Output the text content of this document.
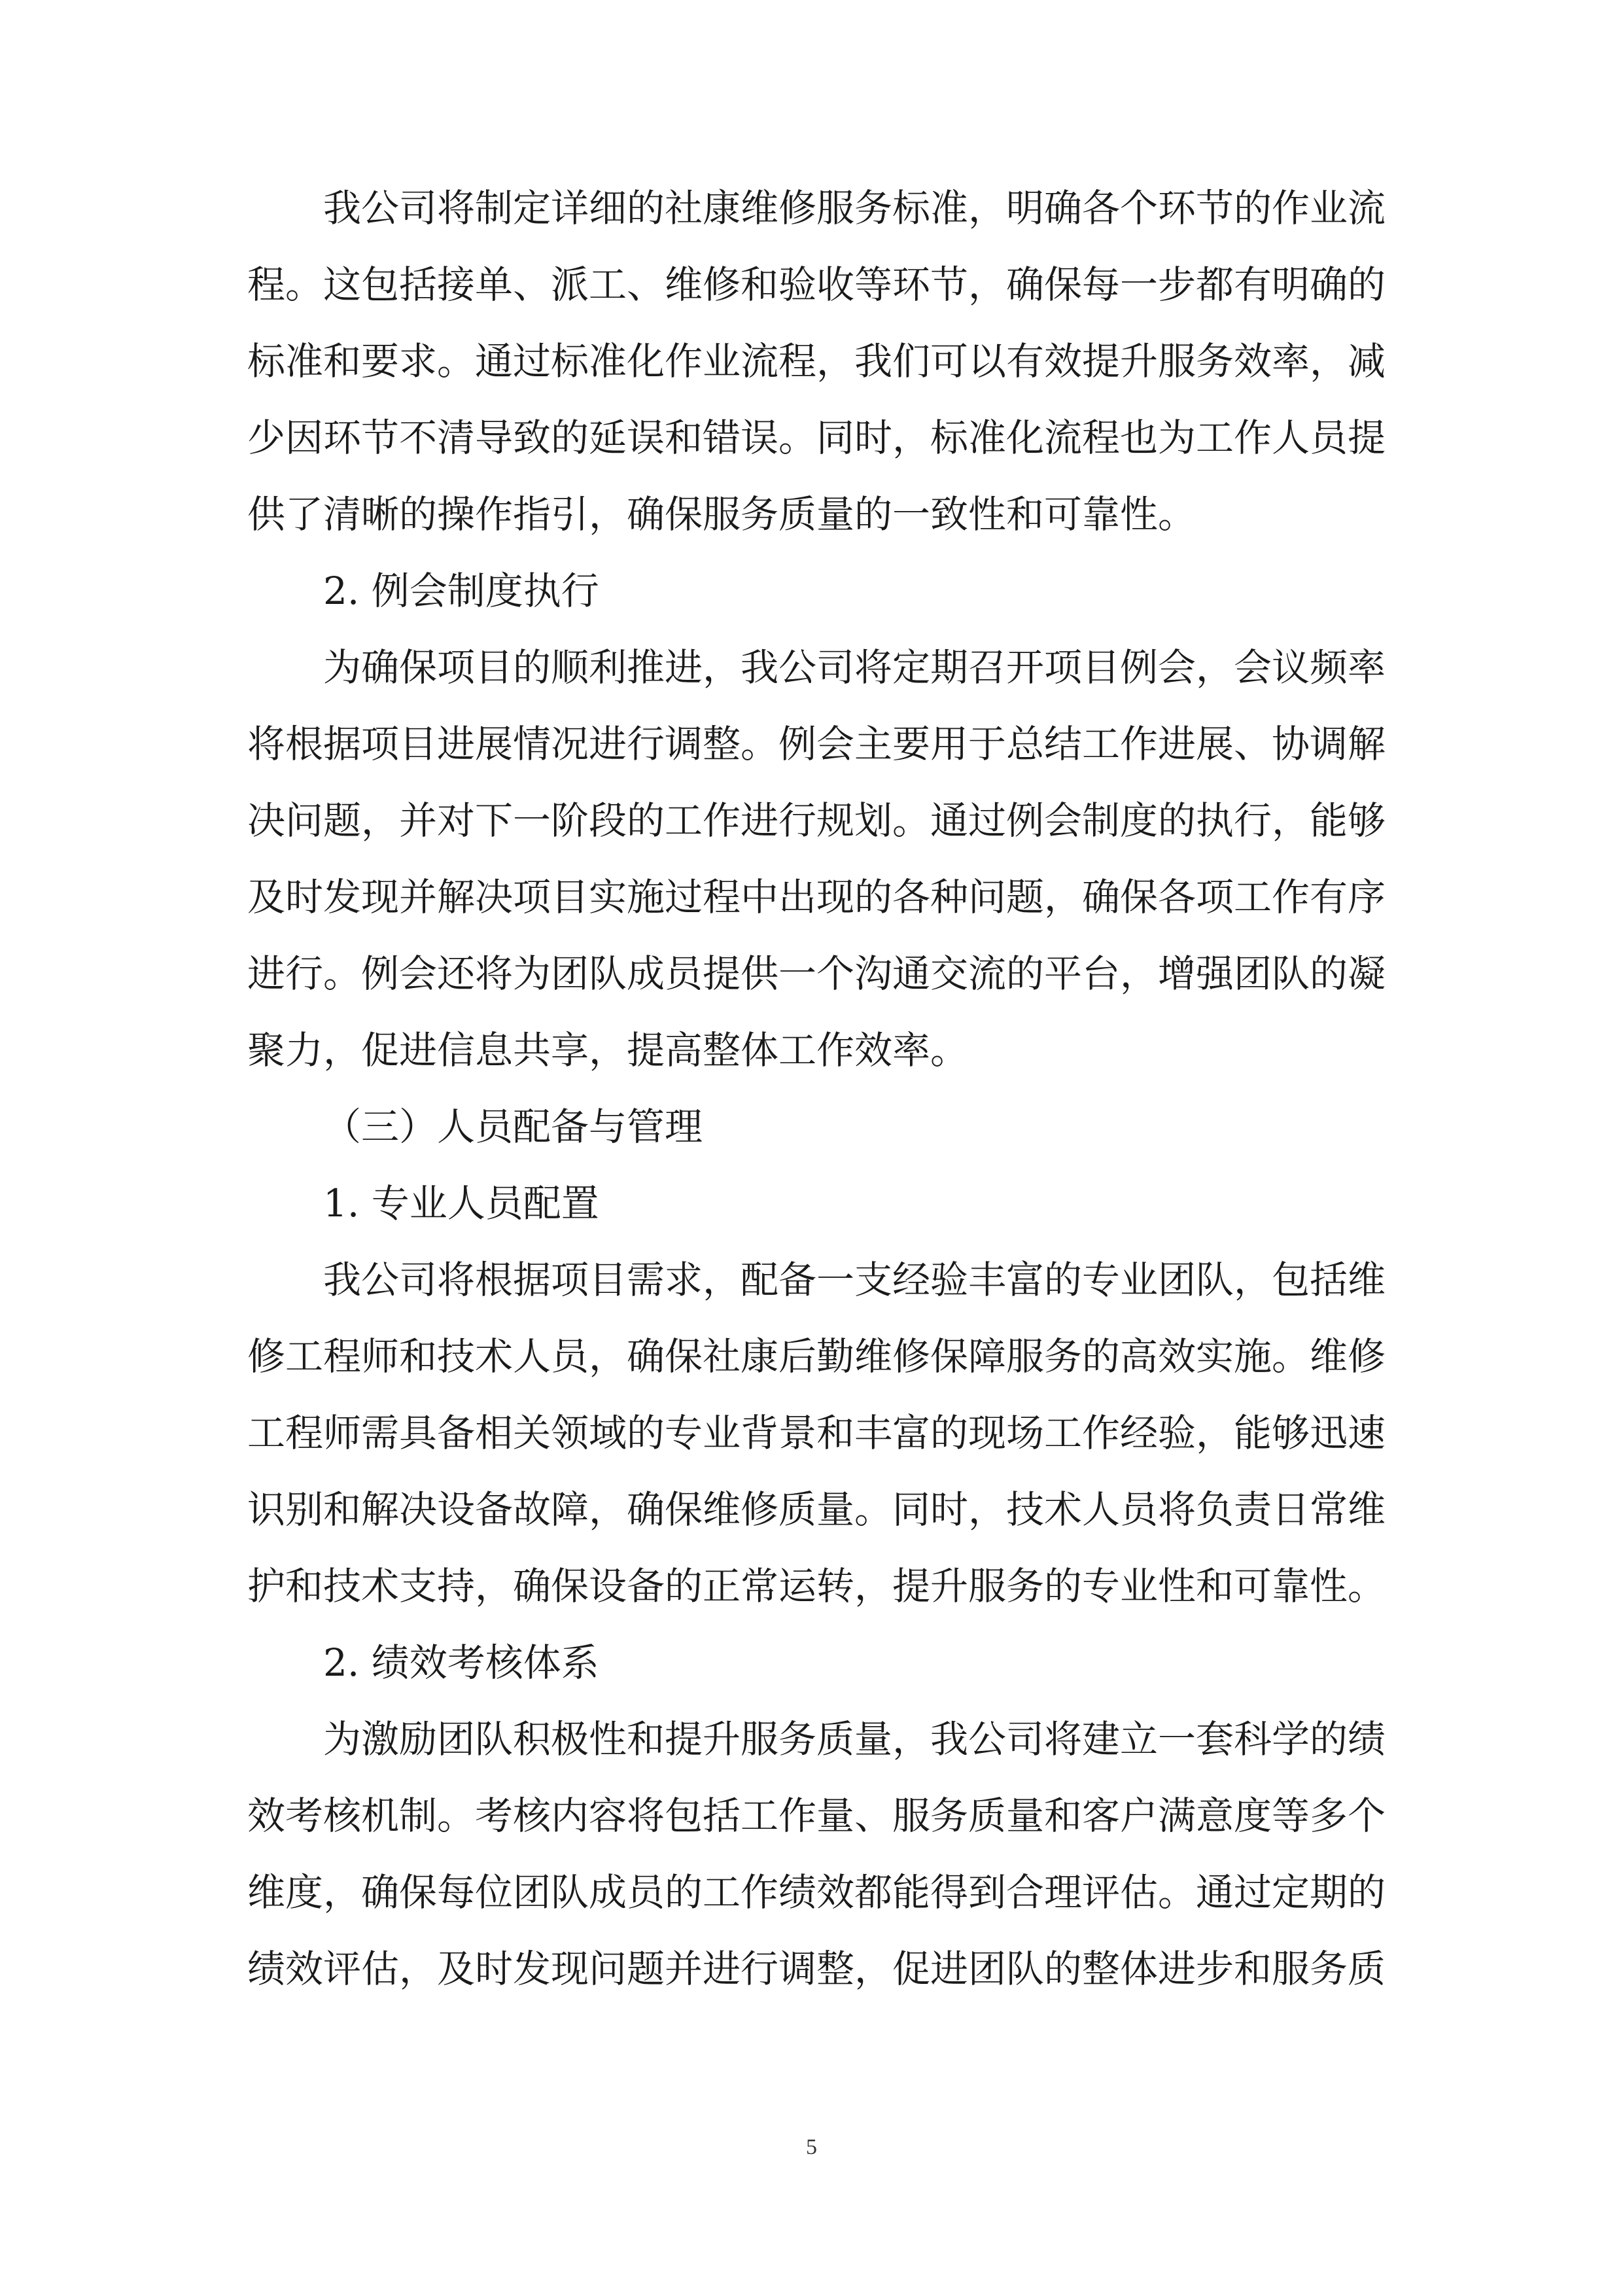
我公司将制定详细的社康维修服务标准，明确各个环节的作业流
程。这包括接单、派工、维修和验收等环节，确保每一步都有明确的
标准和要求。通过标准化作业流程，我们可以有效提升服务效率，减
少因环节不清导致的延误和错误。同时，标准化流程也为工作人员提
供了清晰的操作指引，确保服务质量的一致性和可靠性。
2. 例会制度执行
为确保项目的顺利推进，我公司将定期召开项目例会，会议频率
将根据项目进展情况进行调整。例会主要用于总结工作进展、协调解
决问题，并对下一阶段的工作进行规划。通过例会制度的执行，能够
及时发现并解决项目实施过程中出现的各种问题，确保各项工作有序
进行。例会还将为团队成员提供一个沟通交流的平台，增强团队的凝
聚力，促进信息共享，提高整体工作效率。
（三）人员配备与管理
1. 专业人员配置
我公司将根据项目需求，配备一支经验丰富的专业团队，包括维
修工程师和技术人员，确保社康后勤维修保障服务的高效实施。维修
工程师需具备相关领域的专业背景和丰富的现场工作经验，能够迅速
识别和解决设备故障，确保维修质量。同时，技术人员将负责日常维
护和技术支持，确保设备的正常运转，提升服务的专业性和可靠性。
2. 绩效考核体系
为激励团队积极性和提升服务质量，我公司将建立一套科学的绩
效考核机制。考核内容将包括工作量、服务质量和客户满意度等多个
维度，确保每位团队成员的工作绩效都能得到合理评估。通过定期的
绩效评估，及时发现问题并进行调整，促进团队的整体进步和服务质
5
